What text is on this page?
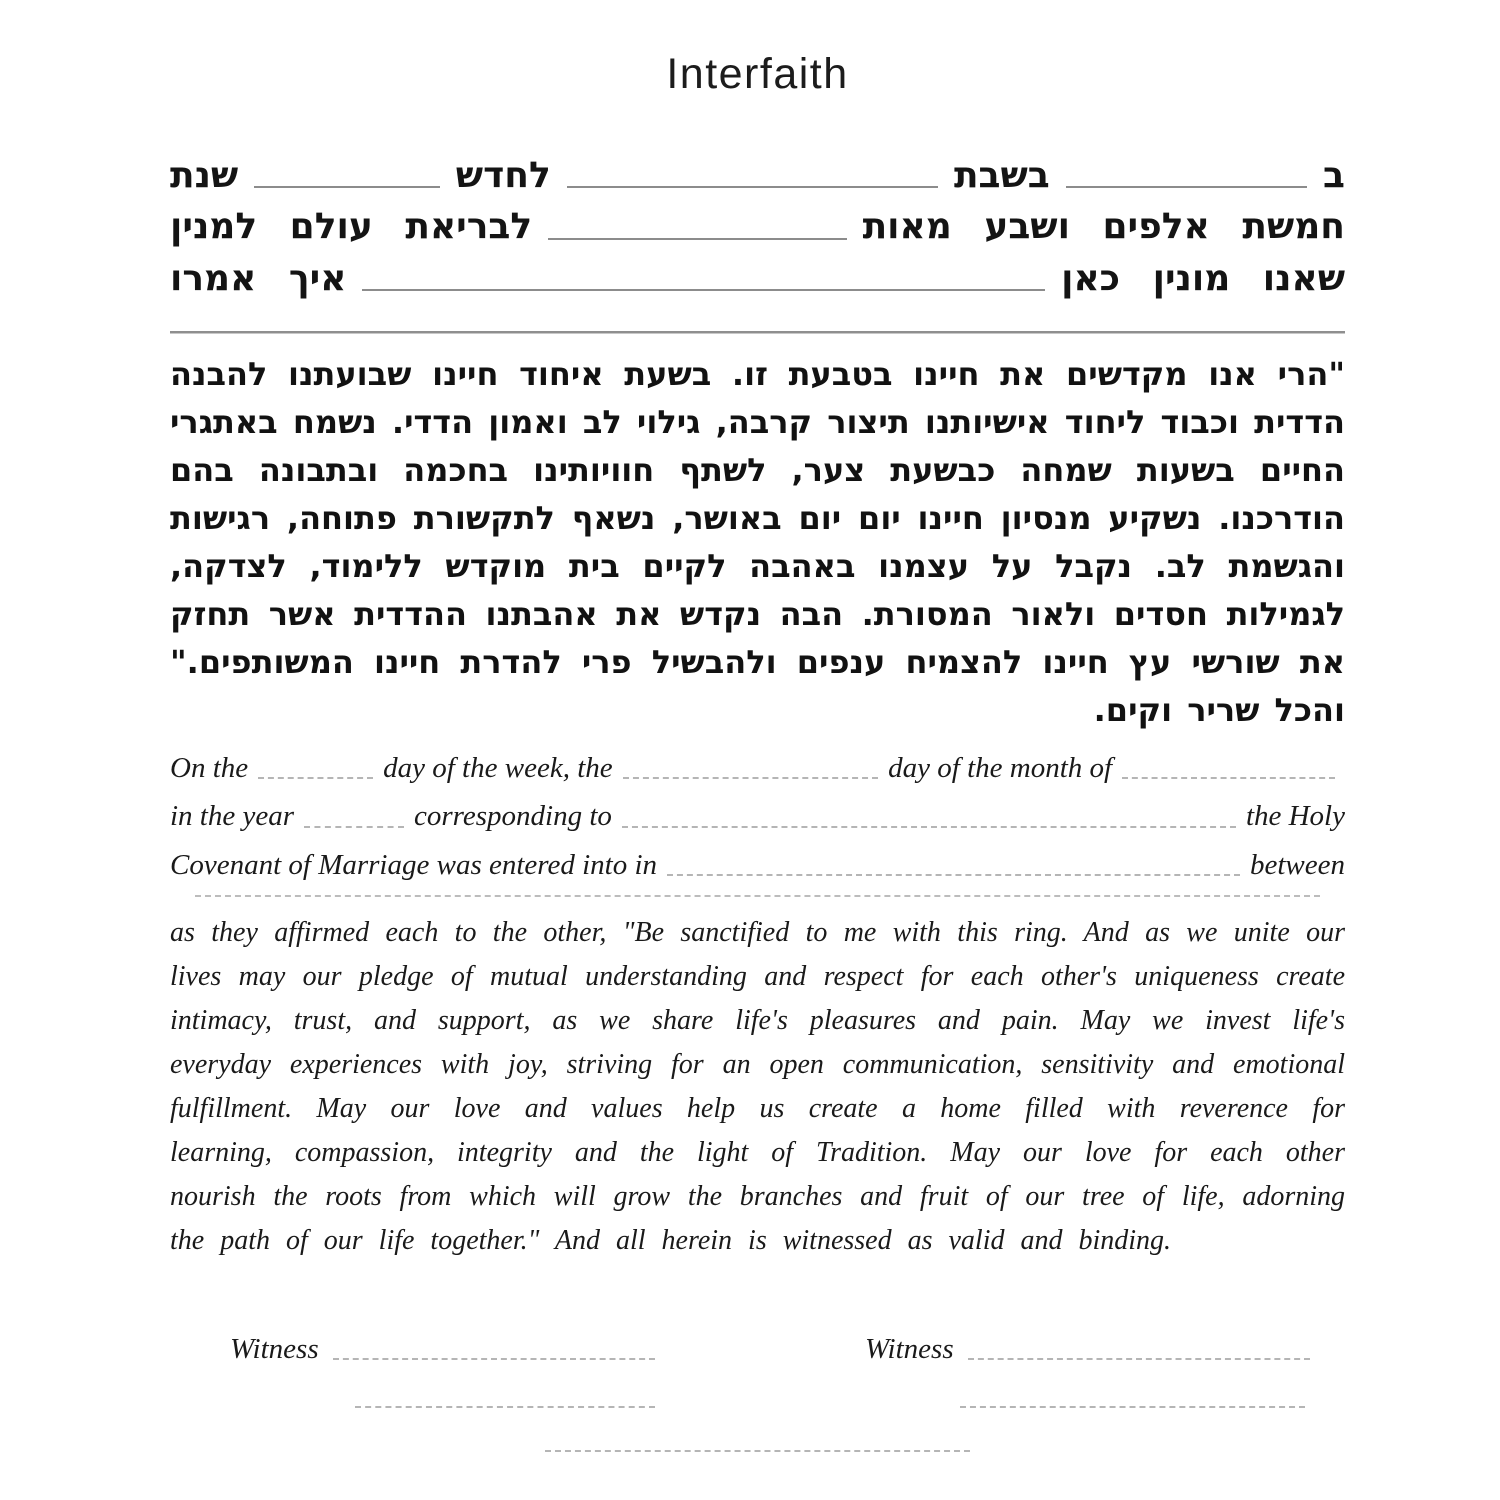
Interfaith
ב
בשבת
לחדש
שנת
חמשת אלפים ושבע מאות
לבריאת עולם למנין
שאנו מונין כאן
איך אמרו
"הרי אנו מקדשים את חיינו בטבעת זו. בשעת איחוד חיינו שבועתנו להבנה הדדית וכבוד ליחוד אישיותנו תיצור קרבה, גילוי לב ואמון הדדי. נשמח באתגרי החיים בשעות שמחה כבשעת צער, לשתף חוויותינו בחכמה ובתבונה בהם הודרכנו. נשקיע מנסיון חיינו יום יום באושר, נשאף לתקשורת פתוחה, רגישות והגשמת לב. נקבל על עצמנו באהבה לקיים בית מוקדש ללימוד, לצדקה, לגמילות חסדים ולאור המסורת. הבה נקדש את אהבתנו ההדדית אשר תחזק את שורשי עץ חיינו להצמיח ענפים ולהבשיל פרי להדרת חיינו המשותפים." והכל שריר וקים.
On the	day of the week, the	day of the month of
in the year	corresponding to	the Holy
Covenant of Marriage was entered into in	between
as they affirmed each to the other, "Be sanctified to me with this ring. And as we unite our lives may our pledge of mutual understanding and respect for each other's uniqueness create intimacy, trust, and support, as we share life's pleasures and pain. May we invest life's everyday experiences with joy, striving for an open communication, sensitivity and emotional fulfillment. May our love and values help us create a home filled with reverence for learning, compassion, integrity and the light of Tradition. May our love for each other nourish the roots from which will grow the branches and fruit of our tree of life, adorning the path of our life together." And all herein is witnessed as valid and binding.
Witness	Witness
